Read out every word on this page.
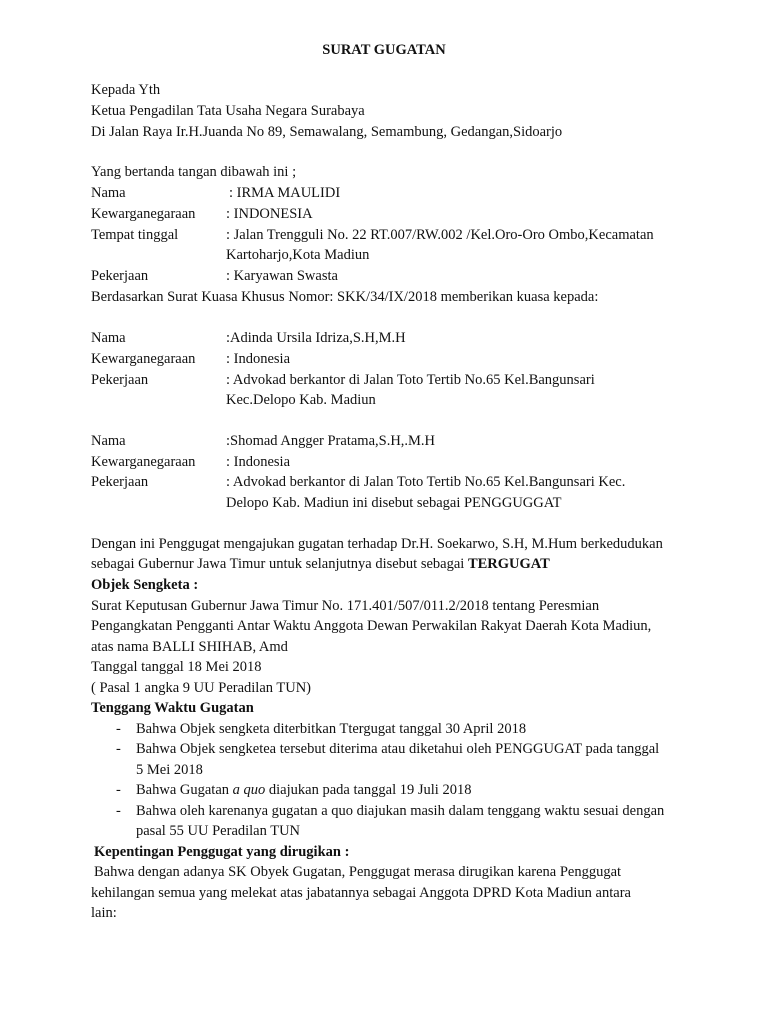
SURAT GUGATAN
Kepada Yth
Ketua Pengadilan Tata Usaha Negara Surabaya
Di Jalan Raya Ir.H.Juanda No 89, Semawalang, Semambung, Gedangan,Sidoarjo
Yang bertanda tangan dibawah ini ;
Nama	: IRMA MAULIDI
Kewarganegaraan : INDONESIA
Tempat tinggal	: Jalan Trengguli No. 22 RT.007/RW.002 /Kel.Oro-Oro Ombo,Kecamatan
Kartoharjo,Kota Madiun
Pekerjaan	: Karyawan Swasta
Berdasarkan Surat Kuasa Khusus Nomor: SKK/34/IX/2018 memberikan kuasa kepada:
Nama	:Adinda Ursila Idriza,S.H,M.H
Kewarganegaraan : Indonesia
Pekerjaan	: Advokad berkantor di Jalan Toto Tertib No.65 Kel.Bangunsari
Kec.Delopo Kab. Madiun
Nama	:Shomad Angger Pratama,S.H,.M.H
Kewarganegaraan : Indonesia
Pekerjaan	: Advokad berkantor di Jalan Toto Tertib No.65 Kel.Bangunsari Kec.
Delopo Kab. Madiun ini disebut sebagai PENGGUGGAT
Dengan ini Penggugat mengajukan gugatan terhadap Dr.H. Soekarwo, S.H, M.Hum berkedudukan
sebagai Gubernur Jawa Timur untuk selanjutnya disebut sebagai TERGUGAT
Objek Sengketa :
Surat Keputusan Gubernur Jawa Timur No. 171.401/507/011.2/2018 tentang Peresmian
Pengangkatan Pengganti Antar Waktu Anggota Dewan Perwakilan Rakyat Daerah Kota Madiun,
atas nama BALLI SHIHAB, Amd
Tanggal tanggal 18 Mei 2018
( Pasal 1 angka 9 UU Peradilan TUN)
Tenggang Waktu Gugatan
- Bahwa Objek sengketa diterbitkan Ttergugat tanggal 30 April 2018
- Bahwa Objek sengketea tersebut diterima atau diketahui oleh PENGGUGAT pada tanggal
5 Mei 2018
- Bahwa Gugatan a quo diajukan pada tanggal 19 Juli 2018
- Bahwa oleh karenanya gugatan a quo diajukan masih dalam tenggang waktu sesuai dengan
pasal 55 UU Peradilan TUN
Kepentingan Penggugat yang dirugikan :
Bahwa dengan adanya SK Obyek Gugatan, Penggugat merasa dirugikan karena Penggugat
kehilangan semua yang melekat atas jabatannya sebagai Anggota DPRD Kota Madiun antara
lain:
